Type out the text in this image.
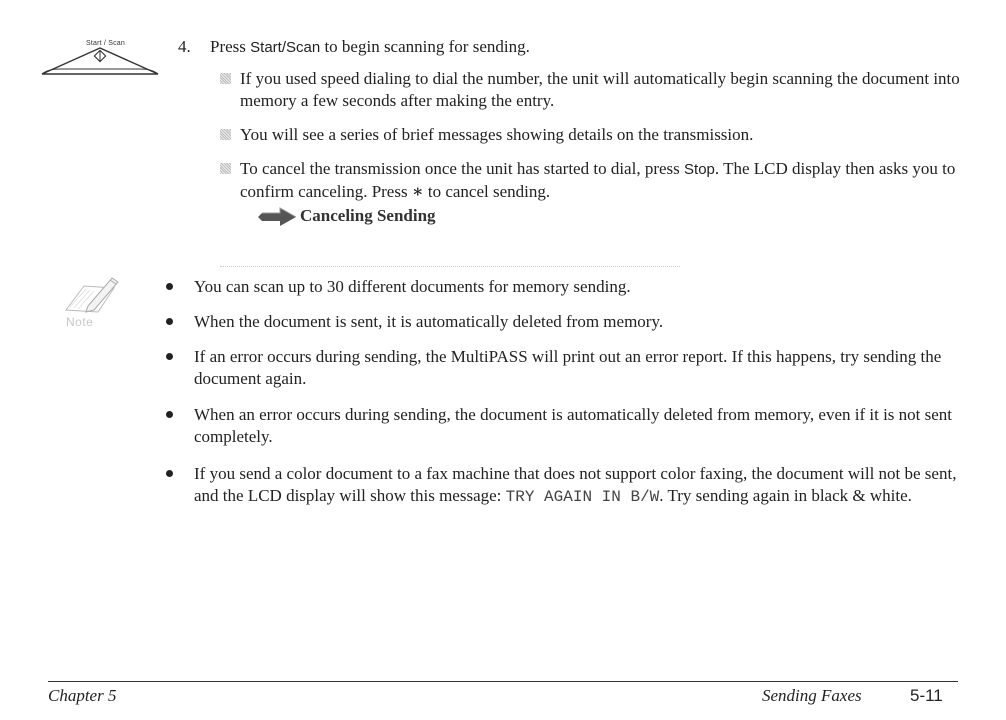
Start / Scan	4. Press Start/Scan to begin scanning for sending.
If you used speed dialing to dial the number, the unit will automatically begin scanning the document into memory a few seconds after making the entry.
You will see a series of brief messages showing details on the transmission.
To cancel the transmission once the unit has started to dial, press Stop. The LCD display then asks you to confirm canceling. Press ∗ to cancel sending.
Canceling Sending
Note
You can scan up to 30 different documents for memory sending.
When the document is sent, it is automatically deleted from memory.
If an error occurs during sending, the MultiPASS will print out an error report. If this happens, try sending the document again.
When an error occurs during sending, the document is automatically deleted from memory, even if it is not sent completely.
If you send a color document to a fax machine that does not support color faxing, the document will not be sent, and the LCD display will show this message: TRY AGAIN IN B/W. Try sending again in black & white.
Chapter 5	Sending Faxes	5-11
